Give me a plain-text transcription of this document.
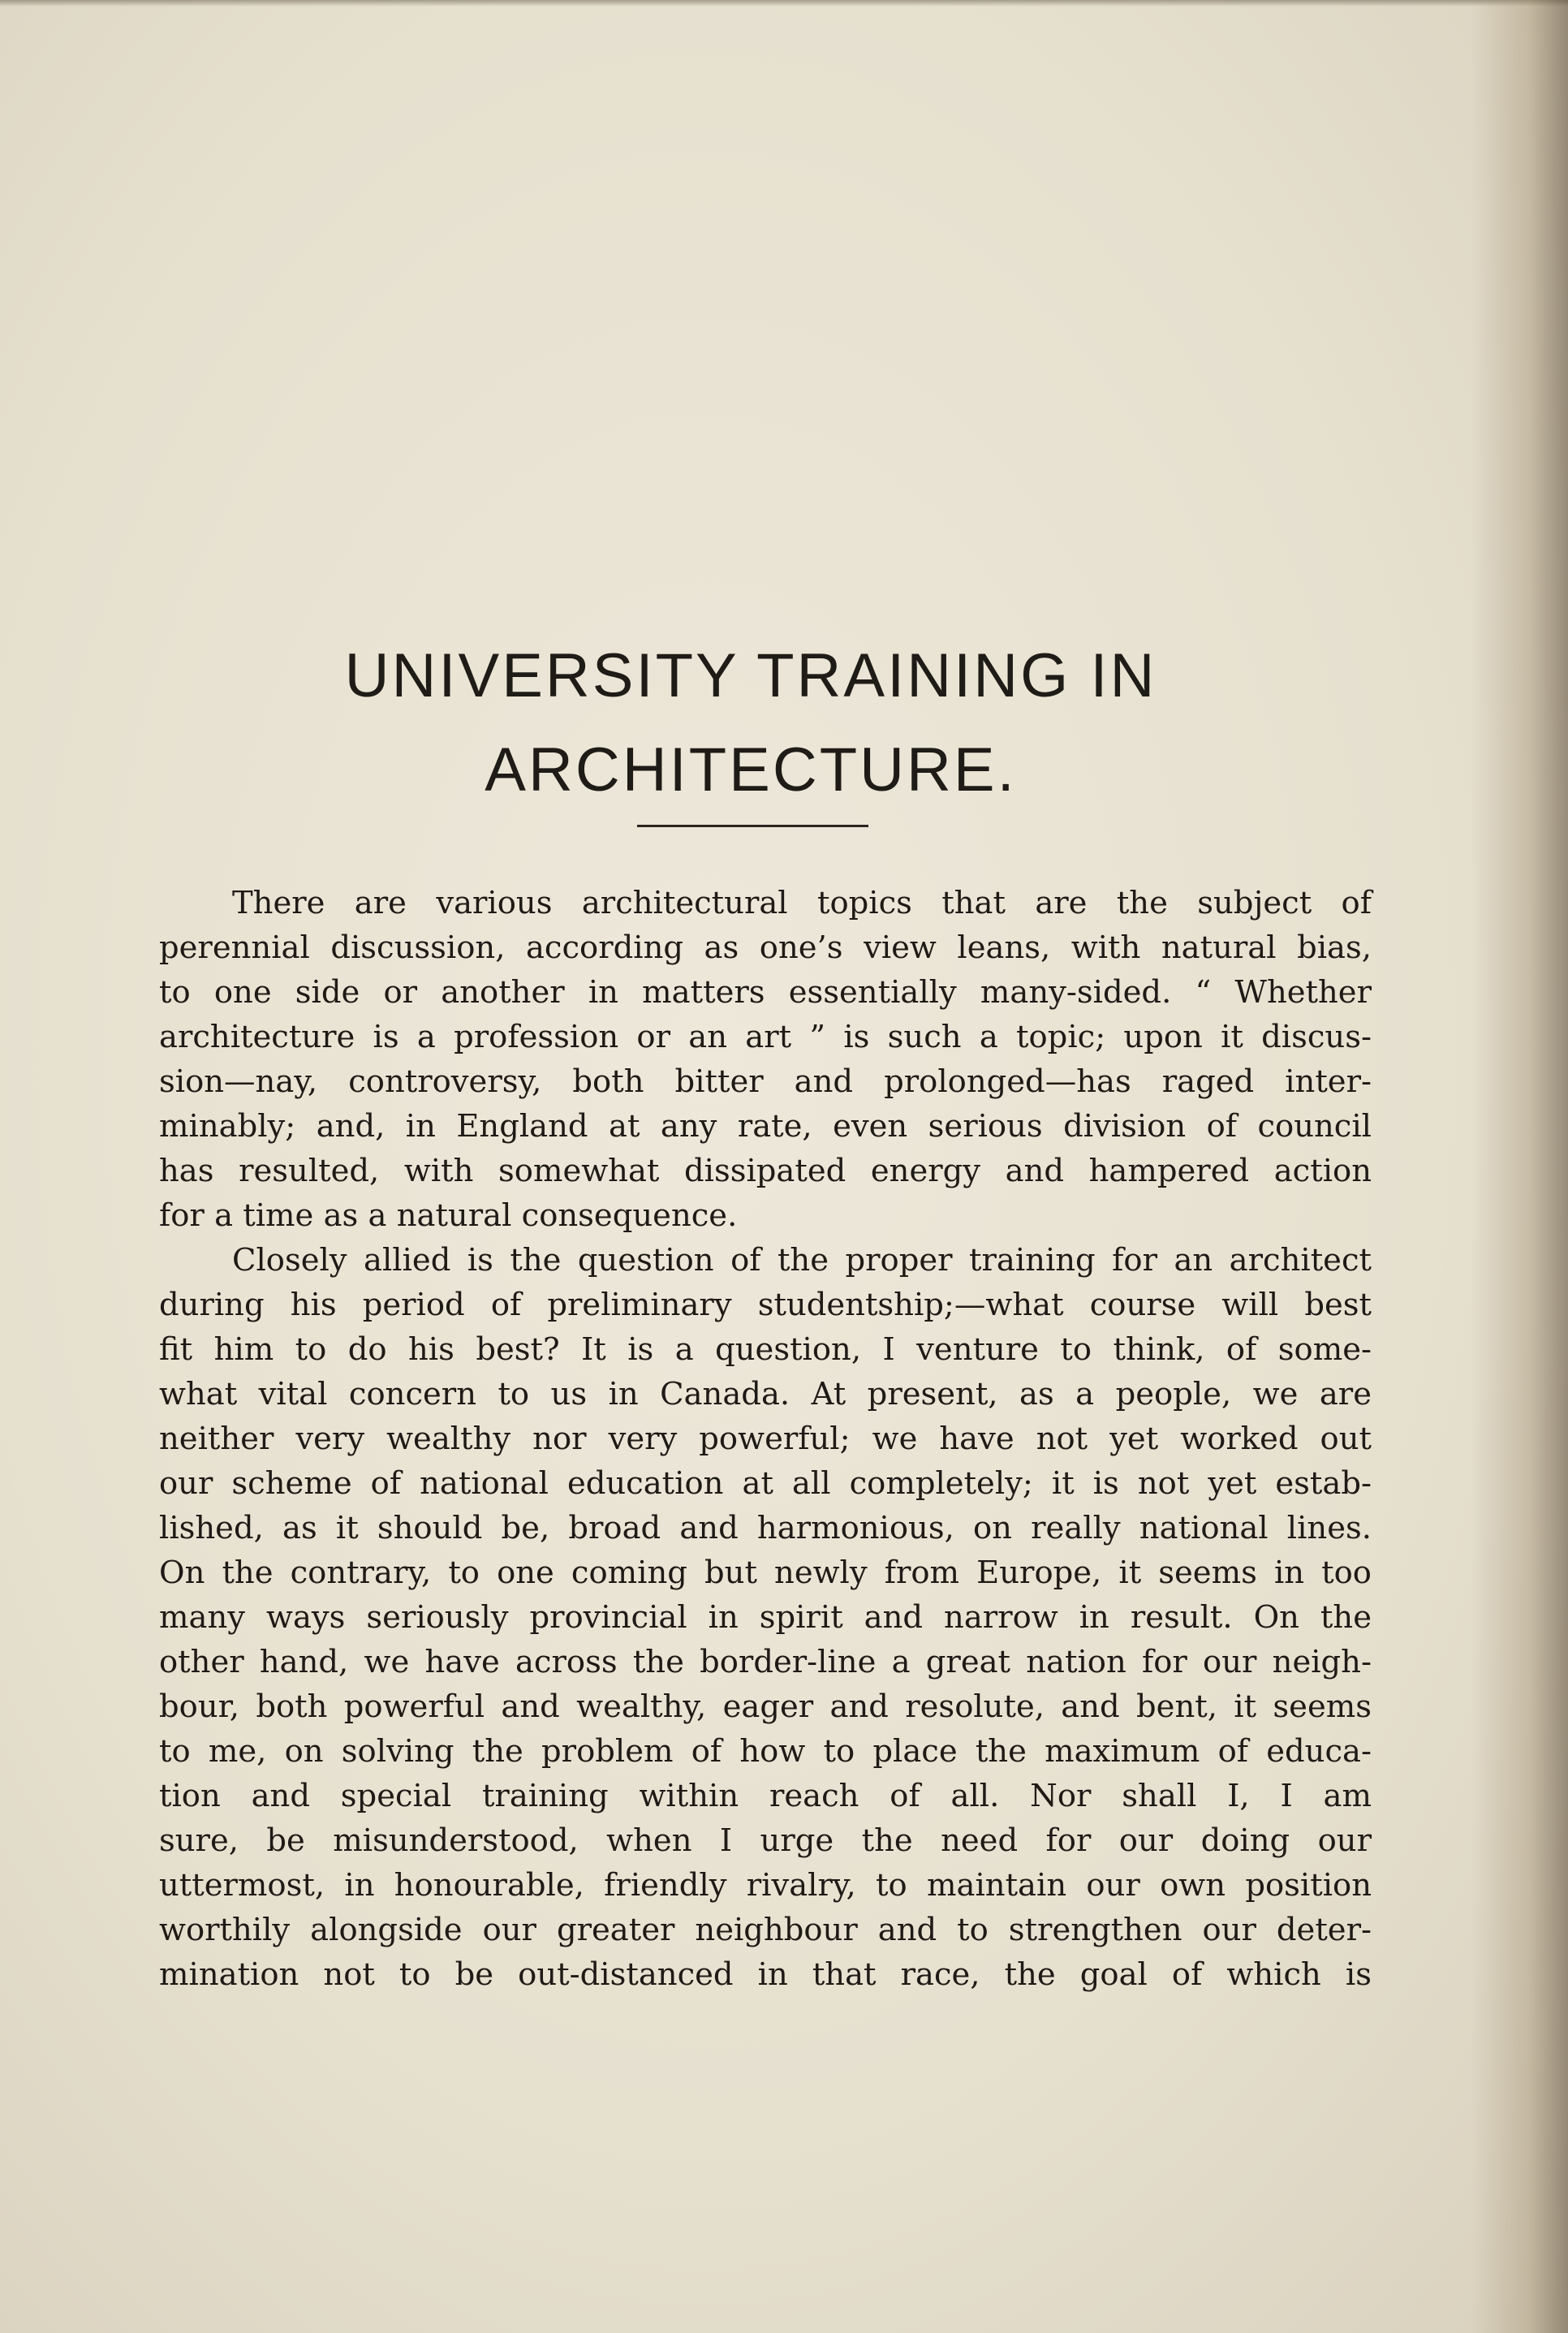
UNIVERSITY TRAINING IN
ARCHITECTURE.
There are various architectural topics that are the subject of
perennial discussion, according as one’s view leans, with natural bias,
to one side or another in matters essentially many-sided. “ Whether
architecture is a profession or an art ” is such a topic; upon it discus-
sion—nay, controversy, both bitter and prolonged—has raged inter-
minably; and, in England at any rate, even serious division of council
has resulted, with somewhat dissipated energy and hampered action
for a time as a natural consequence.
Closely allied is the question of the proper training for an architect
during his period of preliminary studentship;—what course will best
fit him to do his best? It is a question, I venture to think, of some-
what vital concern to us in Canada. At present, as a people, we are
neither very wealthy nor very powerful; we have not yet worked out
our scheme of national education at all completely; it is not yet estab-
lished, as it should be, broad and harmonious, on really national lines.
On the contrary, to one coming but newly from Europe, it seems in too
many ways seriously provincial in spirit and narrow in result. On the
other hand, we have across the border-line a great nation for our neigh-
bour, both powerful and wealthy, eager and resolute, and bent, it seems
to me, on solving the problem of how to place the maximum of educa-
tion and special training within reach of all. Nor shall I, I am
sure, be misunderstood, when I urge the need for our doing our
uttermost, in honourable, friendly rivalry, to maintain our own position
worthily alongside our greater neighbour and to strengthen our deter-
mination not to be out-distanced in that race, the goal of which is
